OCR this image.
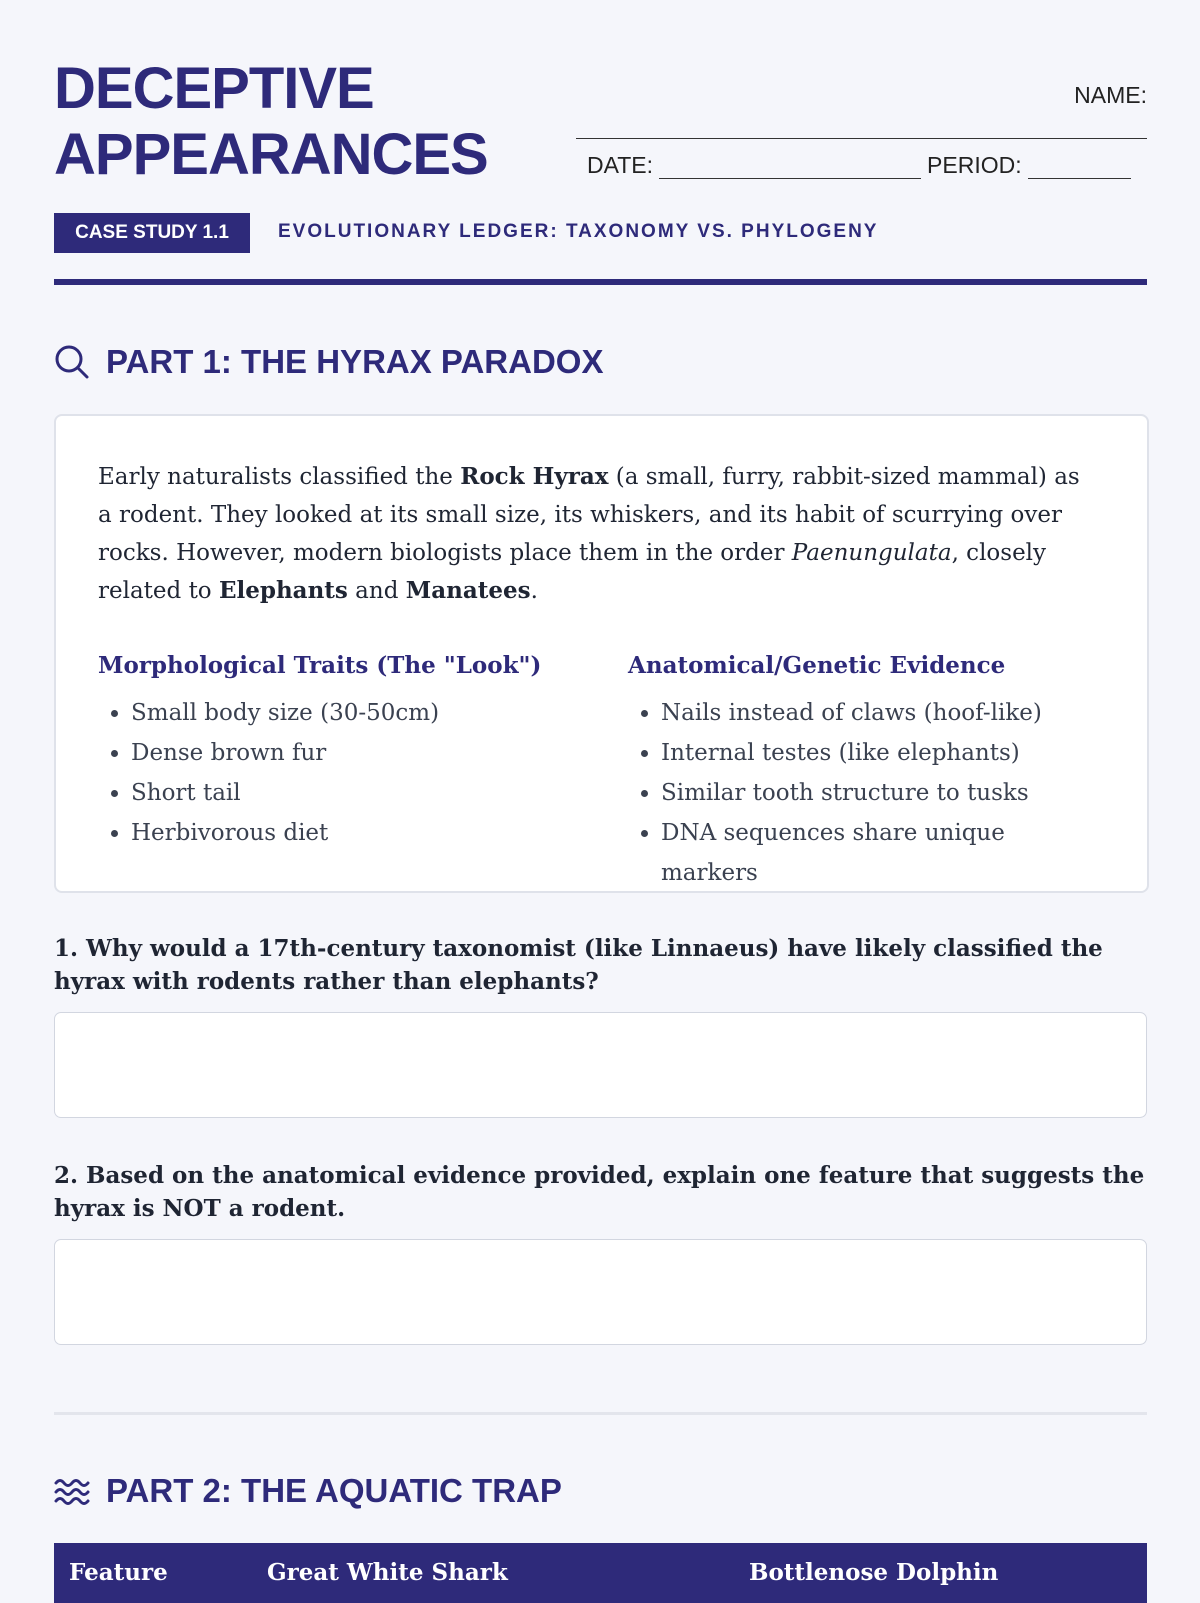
DECEPTIVE
APPEARANCES
NAME:
DATE:	PERIOD:
CASE STUDY 1.1	EVOLUTIONARY LEDGER: TAXONOMY VS. PHYLOGENY
PART 1: THE HYRAX PARADOX
Early naturalists classified the Rock Hyrax (a small, furry, rabbit-sized mammal) as a rodent. They looked at its small size, its whiskers, and its habit of scurrying over rocks. However, modern biologists place them in the order Paenungulata, closely related to Elephants and Manatees.
Morphological Traits (The "Look")
• Small body size (30-50cm)
• Dense brown fur
• Short tail
• Herbivorous diet
Anatomical/Genetic Evidence
• Nails instead of claws (hoof-like)
• Internal testes (like elephants)
• Similar tooth structure to tusks
• DNA sequences share unique markers
1. Why would a 17th-century taxonomist (like Linnaeus) have likely classified the hyrax with rodents rather than elephants?
2. Based on the anatomical evidence provided, explain one feature that suggests the hyrax is NOT a rodent.
PART 2: THE AQUATIC TRAP
Feature	Great White Shark	Bottlenose Dolphin
